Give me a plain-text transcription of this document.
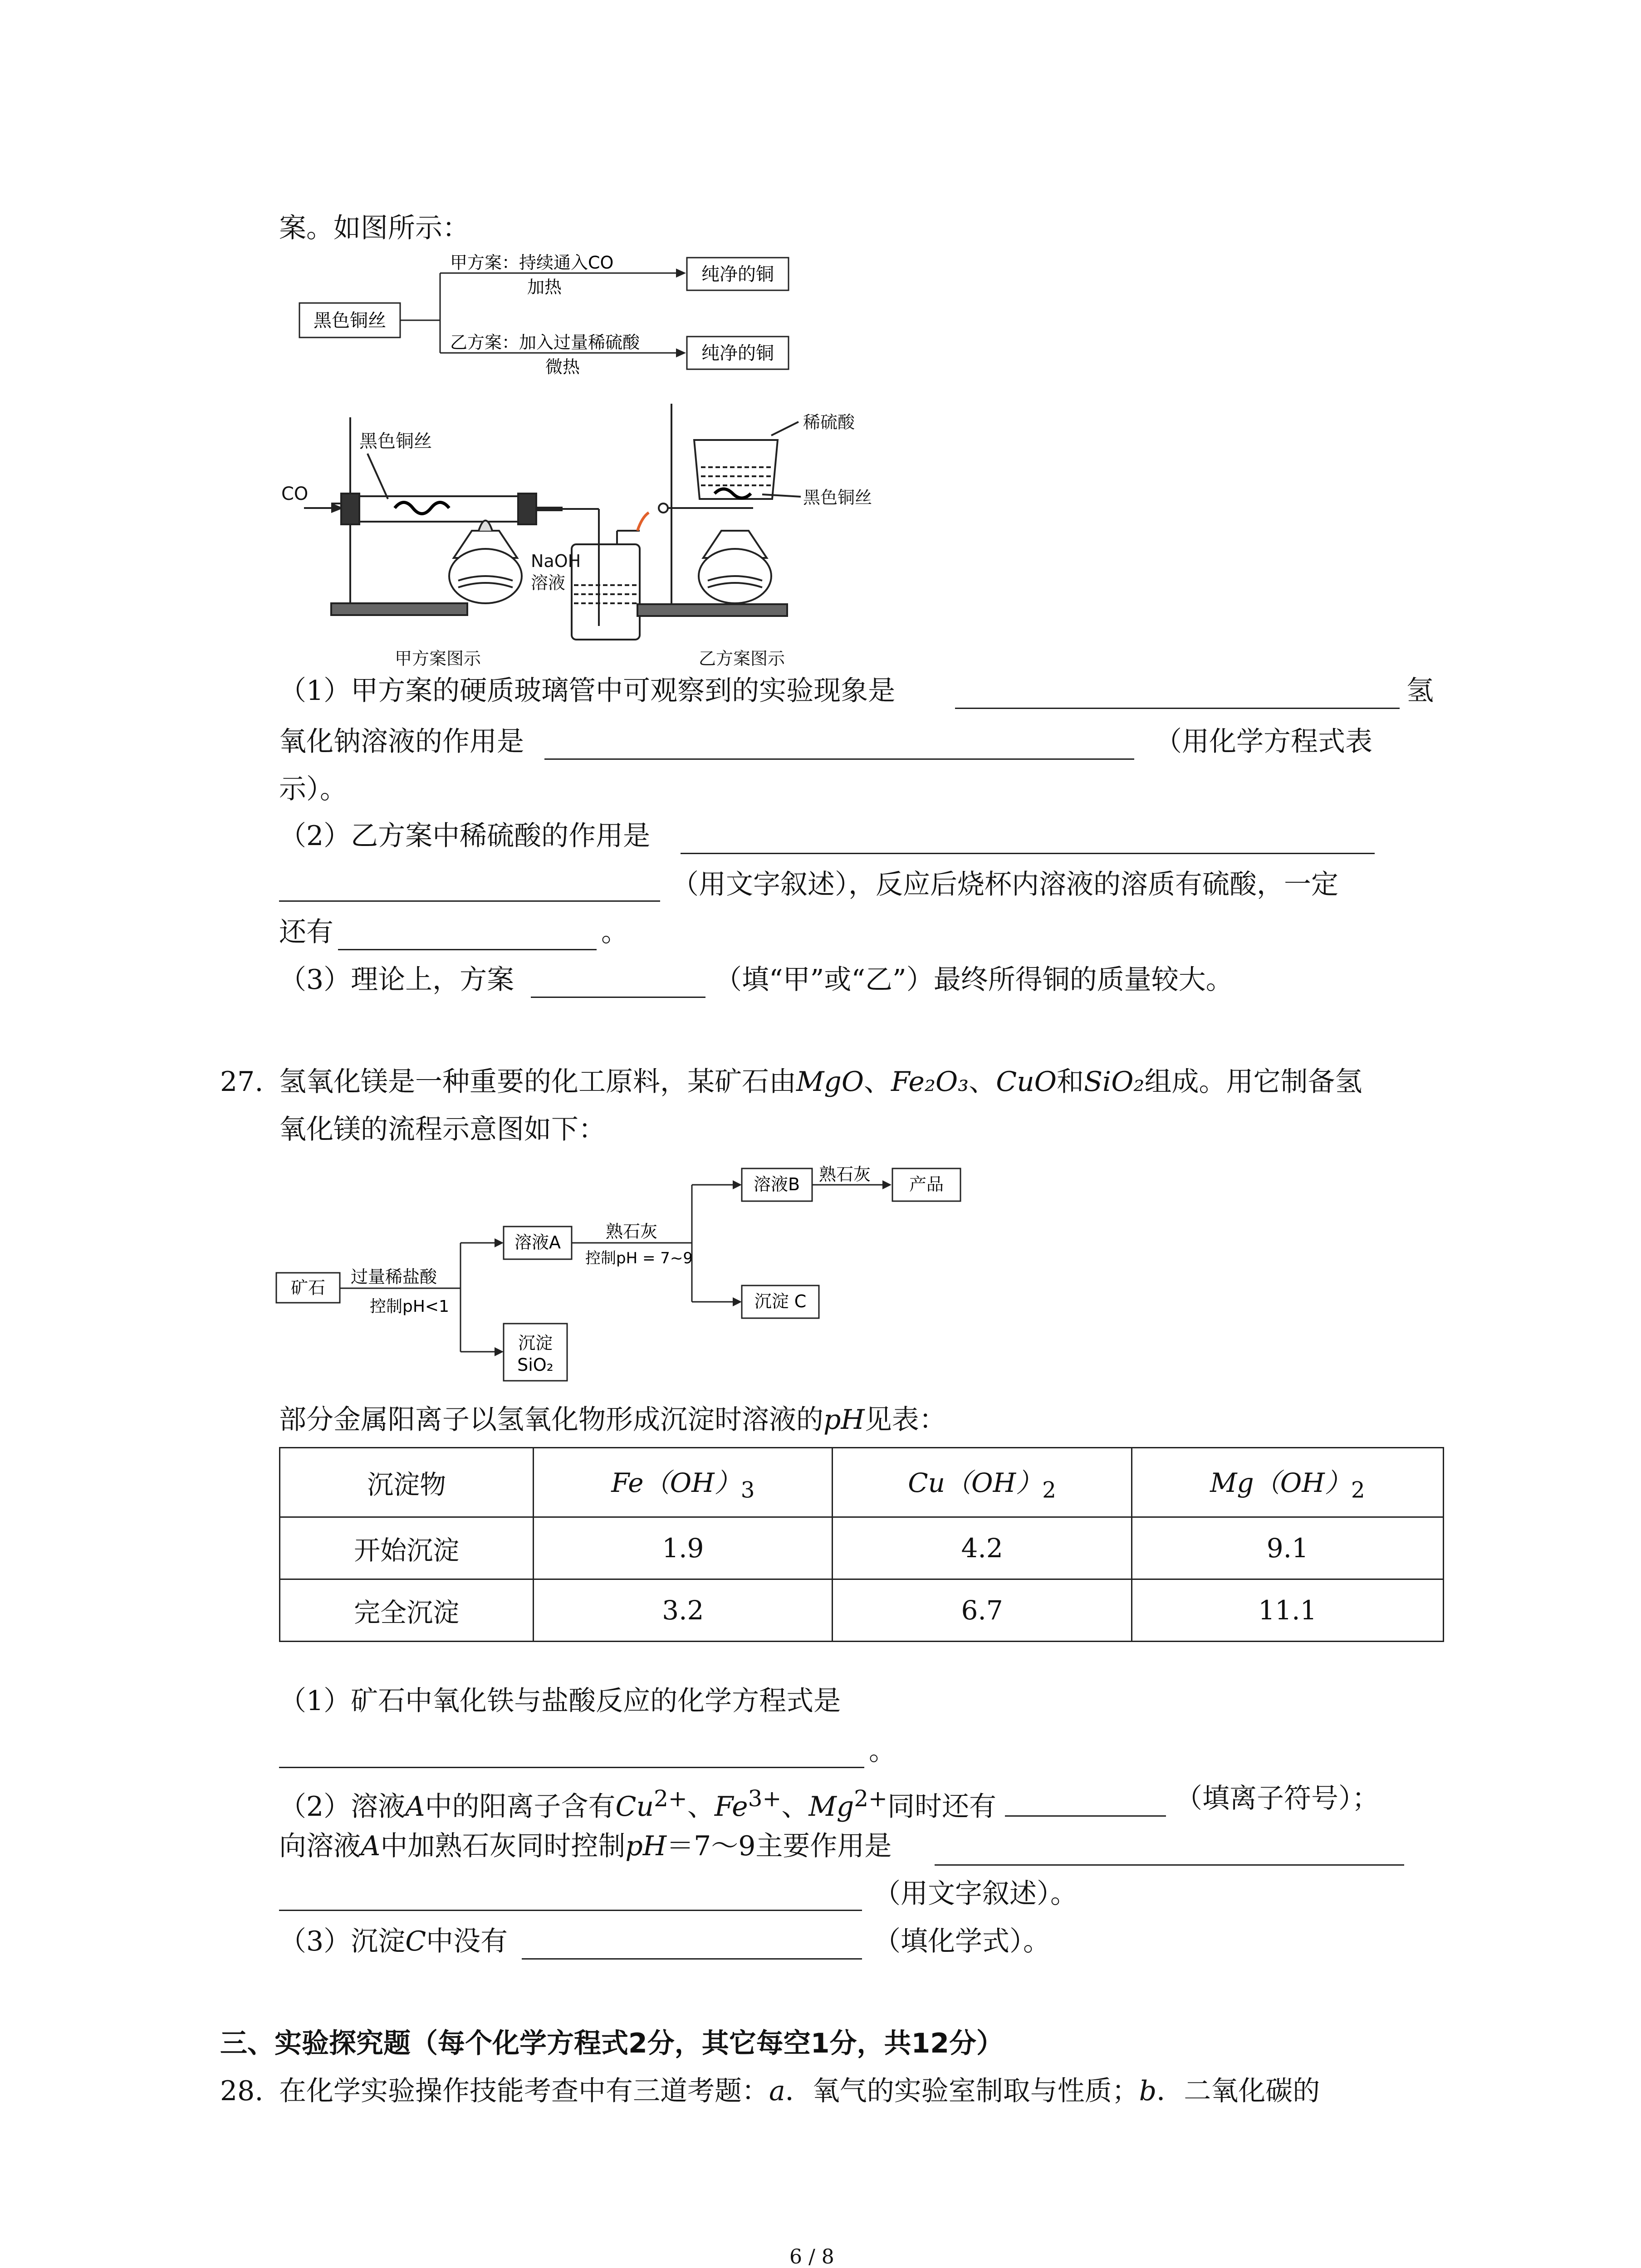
案。如图所示：
黑色铜丝
甲方案：持续通入CO
加热
乙方案：加入过量稀硫酸
微热
纯净的铜
纯净的铜
CO
黑色铜丝
NaOH
溶液
甲方案图示
稀硫酸
黑色铜丝
乙方案图示
（1）甲方案的硬质玻璃管中可观察到的实验现象是	氢
氧化钠溶液的作用是	（用化学方程式表
示）。
（2）乙方案中稀硫酸的作用是
（用文字叙述），反应后烧杯内溶液的溶质有硫酸，一定
还有	。
（3）理论上，方案	（填“甲”或“乙”）最终所得铜的质量较大。
27. 氢氧化镁是一种重要的化工原料，某矿石由MgO、Fe₂O₃、CuO和SiO₂组成。用它制备氢
氧化镁的流程示意图如下：
矿石
过量稀盐酸
控制pH<1
溶液A
沉淀
SiO₂
熟石灰
控制pH = 7~9
溶液B 熟石灰 产品
沉淀 C
部分金属阳离子以氢氧化物形成沉淀时溶液的pH见表：
沉淀物	$Fe(OH)_3$	$Cu(OH)_2$	$Mg(OH)_2$
开始沉淀	1.9	4.2	9.1
完全沉淀	3.2	6.7	11.1
（1）矿石中氧化铁与盐酸反应的化学方程式是
。
（2）溶液A中的阳离子含有$Cu^{2+}$、$Fe^{3+}$、$Mg^{2+}$同时还有	（填离子符号）；
向溶液A中加熟石灰同时控制pH＝7～9主要作用是
（用文字叙述）。
（3）沉淀C中没有	（填化学式）。
三、实验探究题（每个化学方程式2分，其它每空1分，共12分）
28. 在化学实验操作技能考查中有三道考题：a．氧气的实验室制取与性质；b．二氧化碳的
6 / 8
